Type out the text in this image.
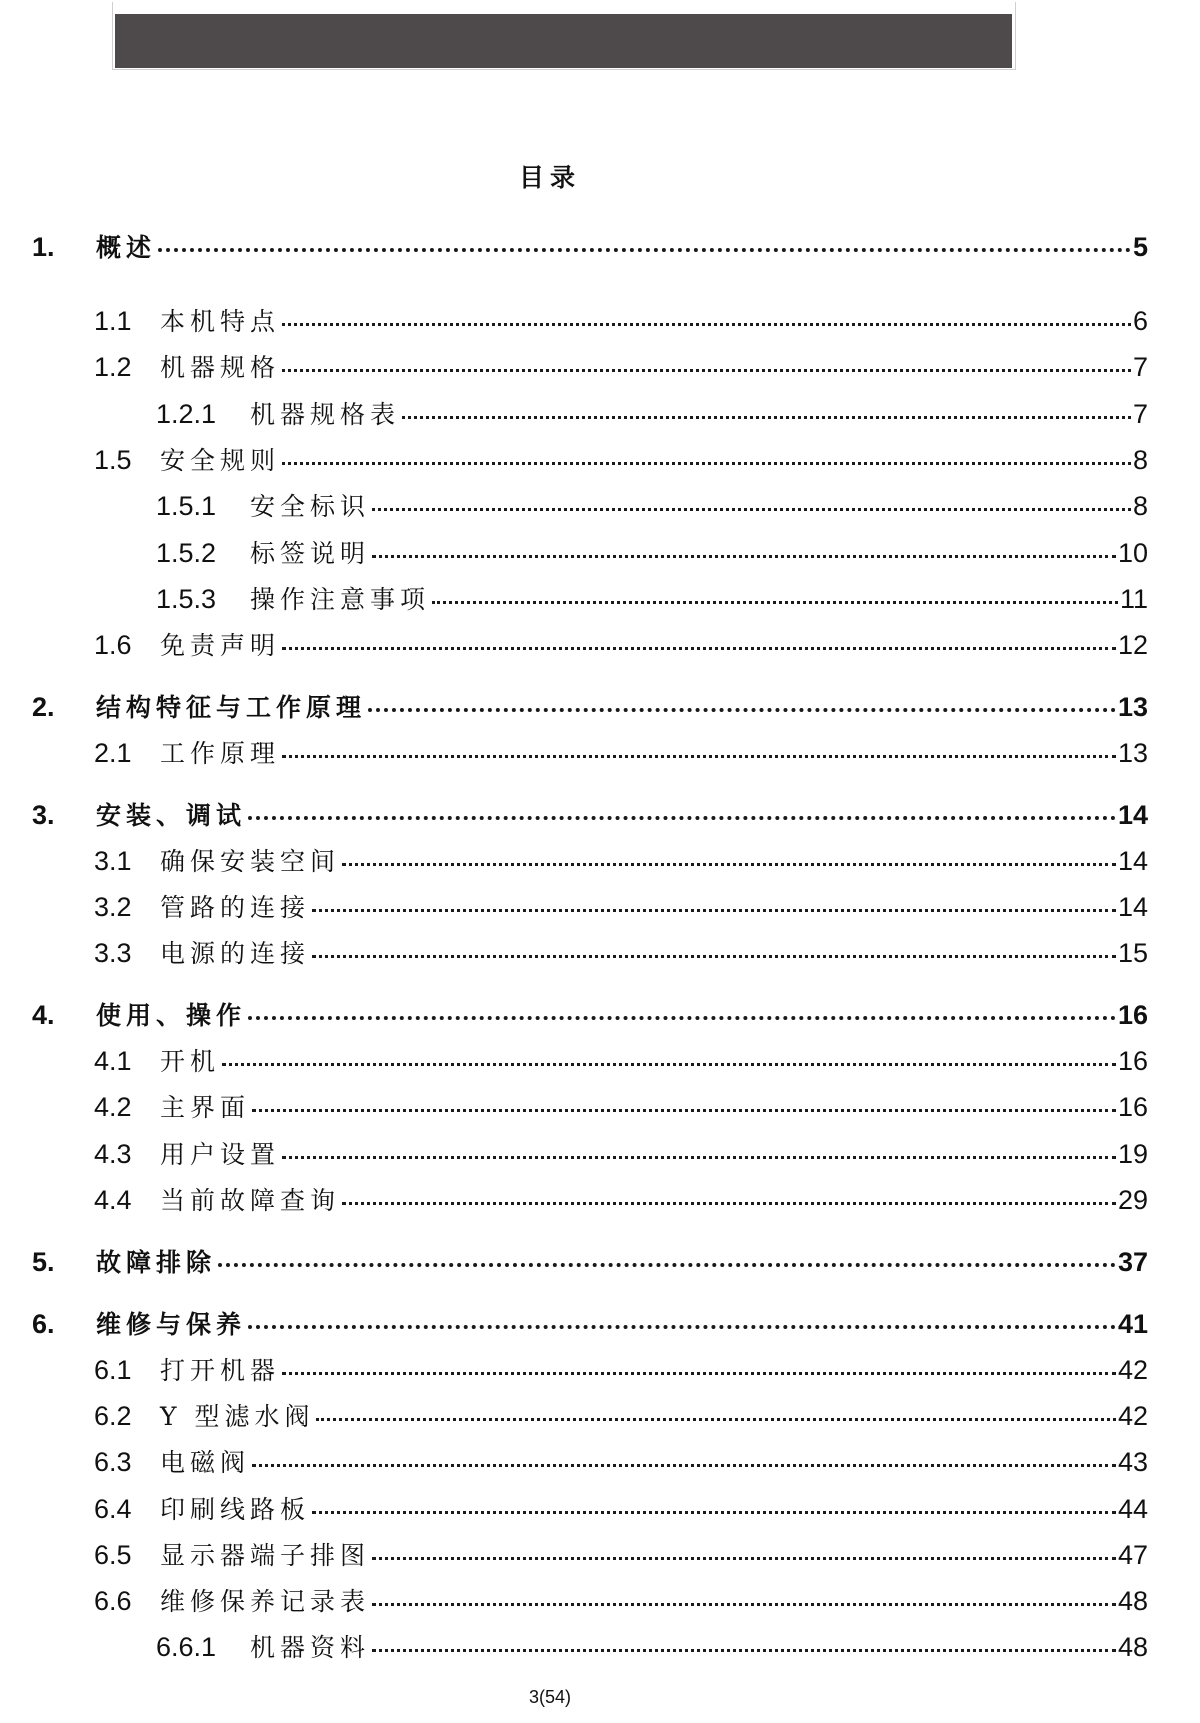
目录
1.	概述	5
1.1	本机特点	6
1.2	机器规格	7
1.2.1	机器规格表	7
1.5	安全规则	8
1.5.1	安全标识	8
1.5.2	标签说明	10
1.5.3	操作注意事项	11
1.6	免责声明	12
2.	结构特征与工作原理	13
2.1	工作原理	13
3.	安装、调试	14
3.1	确保安装空间	14
3.2	管路的连接	14
3.3	电源的连接	15
4.	使用、操作	16
4.1	开机	16
4.2	主界面	16
4.3	用户设置	19
4.4	当前故障查询	29
5.	故障排除	37
6.	维修与保养	41
6.1	打开机器	42
6.2	Y 型滤水阀	42
6.3	电磁阀	43
6.4	印刷线路板	44
6.5	显示器端子排图	47
6.6	维修保养记录表	48
6.6.1	机器资料	48
3(54)
